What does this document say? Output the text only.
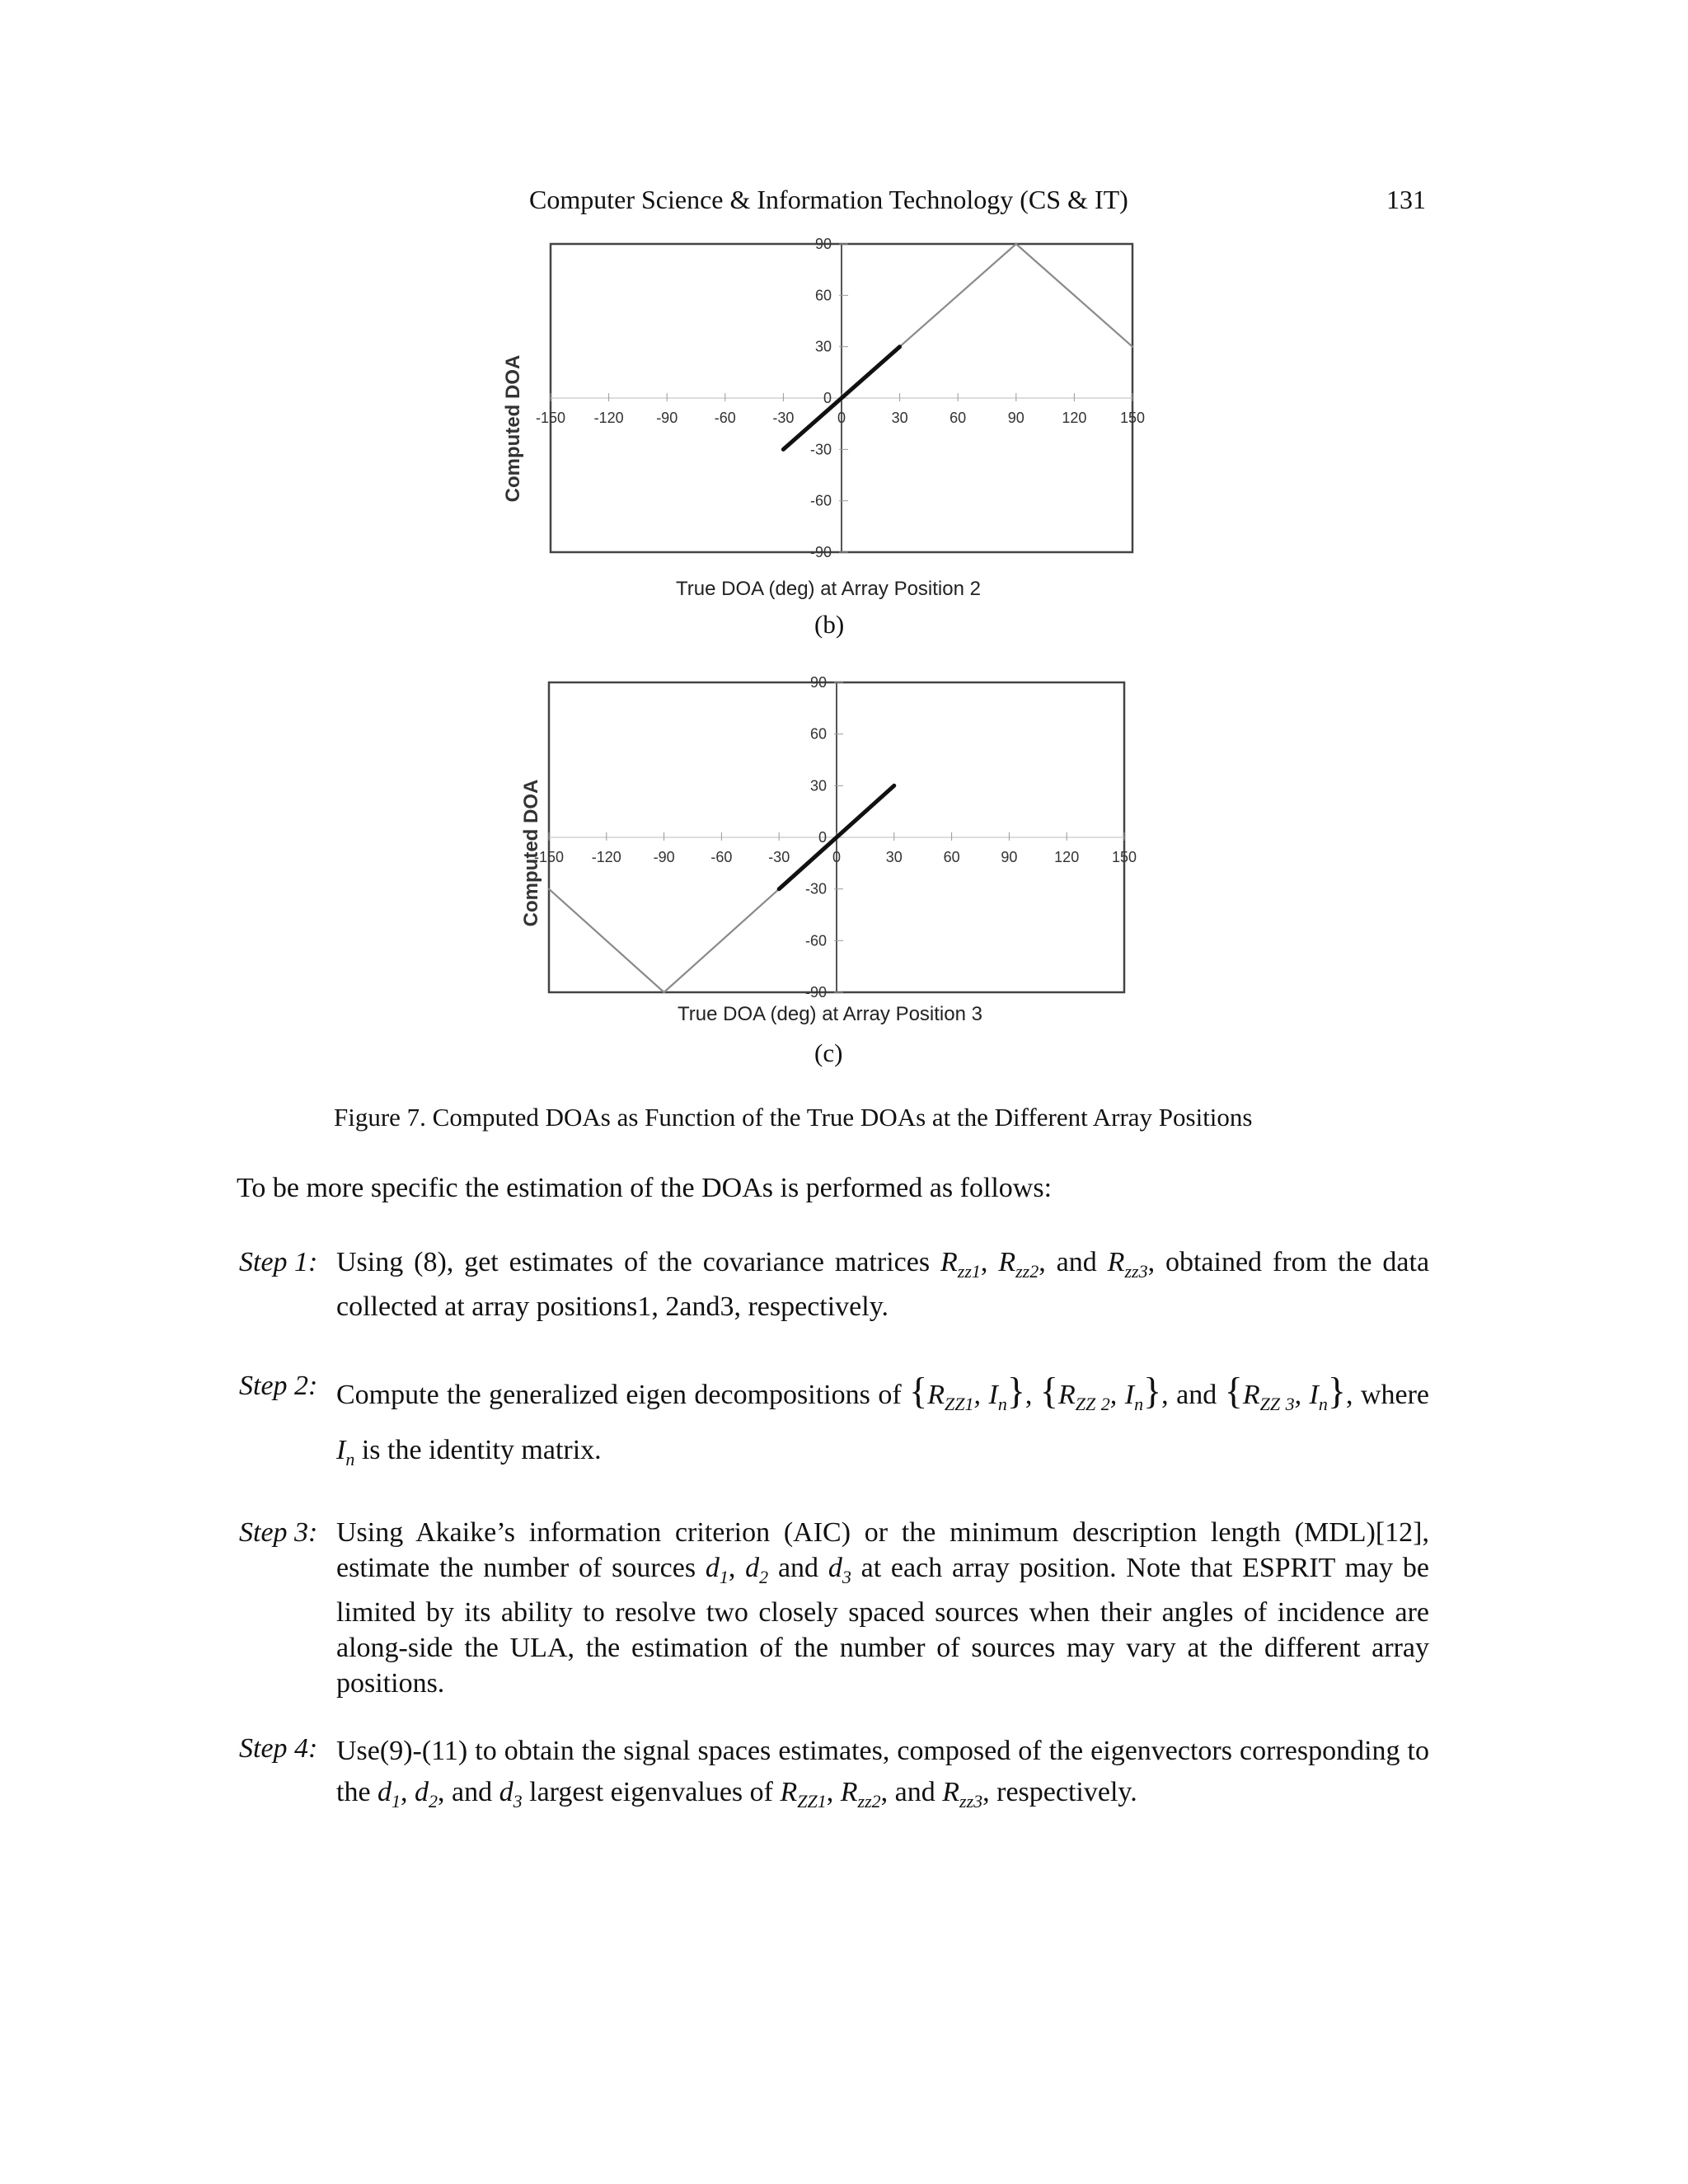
Computer Science & Information Technology (CS & IT)	131
-150 -120 -90 -60 -30	0	30	60	90	120 150
90
60
30
0
-30
-60
-90
True DOA (deg) at Array Position 2
Computed DOA
(b)
-150 -120 -90 -60 -30	0	30	60	90 120 150
90
60
30
0
-30
-60
-90
True DOA (deg) at Array Position 3
Computed DOA
(c)
Figure 7. Computed DOAs as Function of the True DOAs at the Different Array Positions
To be more specific the estimation of the DOAs is performed as follows:
Step 1: Using (8), get estimates of the covariance matrices $R_{zz1}$, $R_{zz2}$, and $R_{zz3}$, obtained from the data collected at array positions1, 2and3, respectively.
Step 2: Compute the generalized eigen decompositions of {$R_{ZZ1}$, $I_n$}, {$R_{ZZ 2}$, $I_n$}, and {$R_{ZZ 3}$, $I_n$}, where $I_n$ is the identity matrix.
Step 3: Using Akaike’s information criterion (AIC) or the minimum description length (MDL)[12], estimate the number of sources $d_1$, $d_2$ and $d_3$ at each array position. Note that ESPRIT may be limited by its ability to resolve two closely spaced sources when their angles of incidence are along-side the ULA, the estimation of the number of sources may vary at the different array positions.
Step 4: Use(9)-(11) to obtain the signal spaces estimates, composed of the eigenvectors corresponding to the $d_1$, $d_2$, and $d_3$ largest eigenvalues of $R_{ZZ1}$, $R_{zz2}$, and $R_{zz3}$, respectively.
